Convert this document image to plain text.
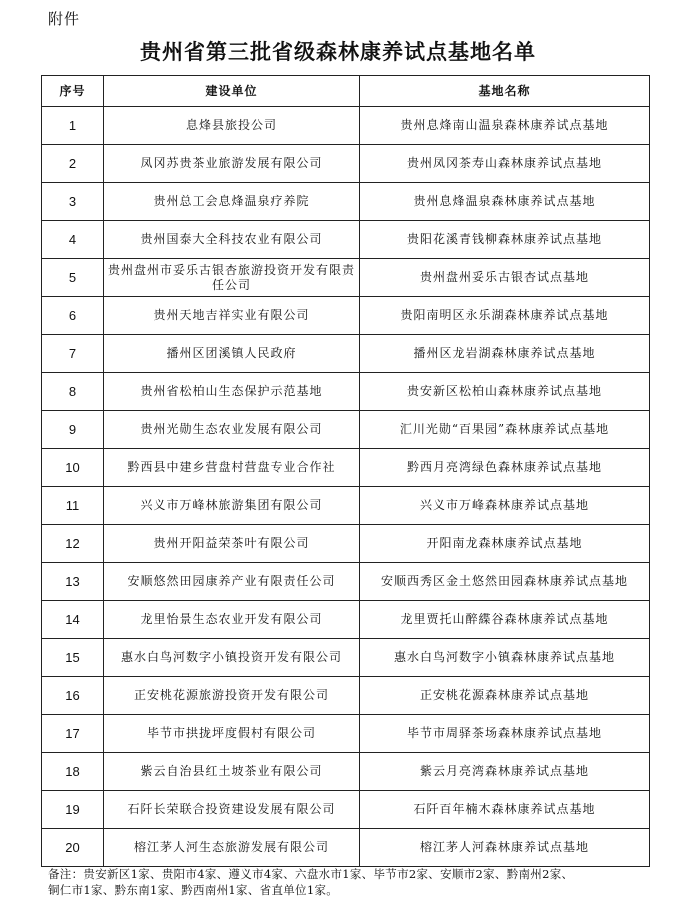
附件
贵州省第三批省级森林康养试点基地名单
序号	建设单位	基地名称
1	息烽县旅投公司	贵州息烽南山温泉森林康养试点基地
2	凤冈苏贵茶业旅游发展有限公司	贵州凤冈茶寿山森林康养试点基地
3	贵州总工会息烽温泉疗养院	贵州息烽温泉森林康养试点基地
4	贵州国泰大全科技农业有限公司	贵阳花溪青钱柳森林康养试点基地
5	贵州盘州市妥乐古银杏旅游投资开发有限责任公司	贵州盘州妥乐古银杏试点基地
6	贵州天地吉祥实业有限公司	贵阳南明区永乐湖森林康养试点基地
7	播州区团溪镇人民政府	播州区龙岩湖森林康养试点基地
8	贵州省松柏山生态保护示范基地	贵安新区松柏山森林康养试点基地
9	贵州光勋生态农业发展有限公司	汇川光勋“百果园”森林康养试点基地
10	黔西县中建乡营盘村营盘专业合作社	黔西月亮湾绿色森林康养试点基地
11	兴义市万峰林旅游集团有限公司	兴义市万峰森林康养试点基地
12	贵州开阳益荣茶叶有限公司	开阳南龙森林康养试点基地
13	安顺悠然田园康养产业有限责任公司	安顺西秀区金土悠然田园森林康养试点基地
14	龙里怡景生态农业开发有限公司	龙里贾托山醉緤谷森林康养试点基地
15	惠水白鸟河数字小镇投资开发有限公司	惠水白鸟河数字小镇森林康养试点基地
16	正安桃花源旅游投资开发有限公司	正安桃花源森林康养试点基地
17	毕节市拱拢坪度假村有限公司	毕节市周驿茶场森林康养试点基地
18	紫云自治县红土坡茶业有限公司	紫云月亮湾森林康养试点基地
19	石阡长荣联合投资建设发展有限公司	石阡百年楠木森林康养试点基地
20	榕江茅人河生态旅游发展有限公司	榕江茅人河森林康养试点基地
备注：贵安新区1家、贵阳市4家、遵义市4家、六盘水市1家、毕节市2家、安顺市2家、黔南州2家、
铜仁市1家、黔东南1家、黔西南州1家、省直单位1家。
